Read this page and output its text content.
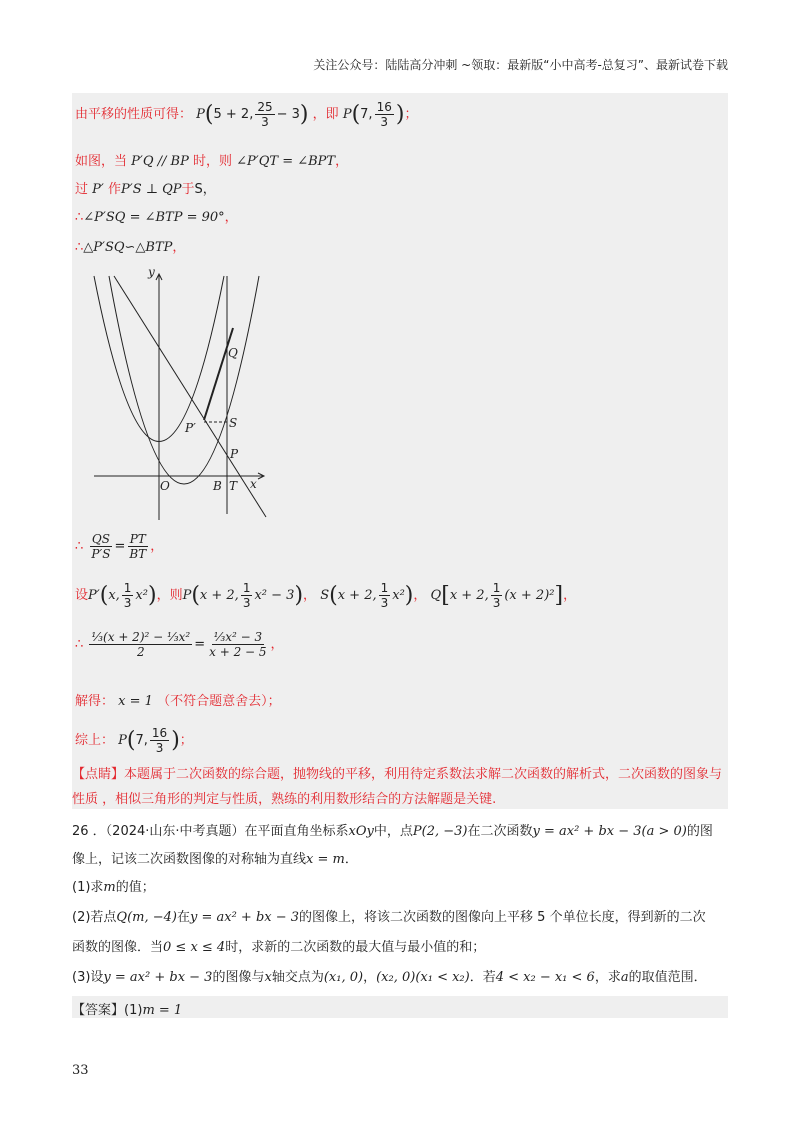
关注公众号：陆陆高分冲刺 ~领取：最新版“小中高考-总复习”、最新试卷下载
由平移的性质可得： P(5 + 2, $\frac{25}{3} - 3$) ，即 P(7, $\frac{16}{3}$ )；
如图，当 P′Q // BP 时，则 ∠P′QT = ∠BPT，
过 P′ 作P′S ⊥ QP于S，
∴∠P′SQ = ∠BTP = 90°，
∴△P′SQ∽△BTP，
y
x
O	B T
P
P′	S
Q
∴ $\frac{QS}{P'S} = \frac{PT}{BT}$ ，
设P′(x, $\frac{1}{3} x^2$)，则P(x + 2, $\frac{1}{3} x^2 - 3$)， S(x + 2, $\frac{1}{3} x^2$)， Q[x + 2, $\frac{1}{3} (x + 2)^2$]，
∴ $\frac{\text{⅓(x + 2)² − ⅓x²}}{2} = \frac{\text{⅓x² − 3}}{x + 2 - 5}$ ，
解得： x = 1 （不符合题意舍去）；
综上： P(7, $\frac{16}{3}$ )；
【点睛】本题属于二次函数的综合题，抛物线的平移，利用待定系数法求解二次函数的解析式，二次函数的图象与性质 ，相似三角形的判定与性质，熟练的利用数形结合的方法解题是关键.
26 ．（2024·山东·中考真题）在平面直角坐标系xOy中，点P(2, −3)在二次函数y = ax² + bx − 3(a > 0)的图
像上，记该二次函数图像的对称轴为直线x = m．
(1)求m的值；
(2)若点Q(m, −4)在y = ax² + bx − 3的图像上，将该二次函数的图像向上平移 5 个单位长度，得到新的二次
函数的图像．当0 ≤ x ≤ 4时，求新的二次函数的最大值与最小值的和；
(3)设y = ax² + bx − 3的图像与x轴交点为(x₁, 0)，(x₂, 0)(x₁ < x₂)．若4 < x₂ − x₁ < 6，求a的取值范围．
【答案】(1)m = 1
33
